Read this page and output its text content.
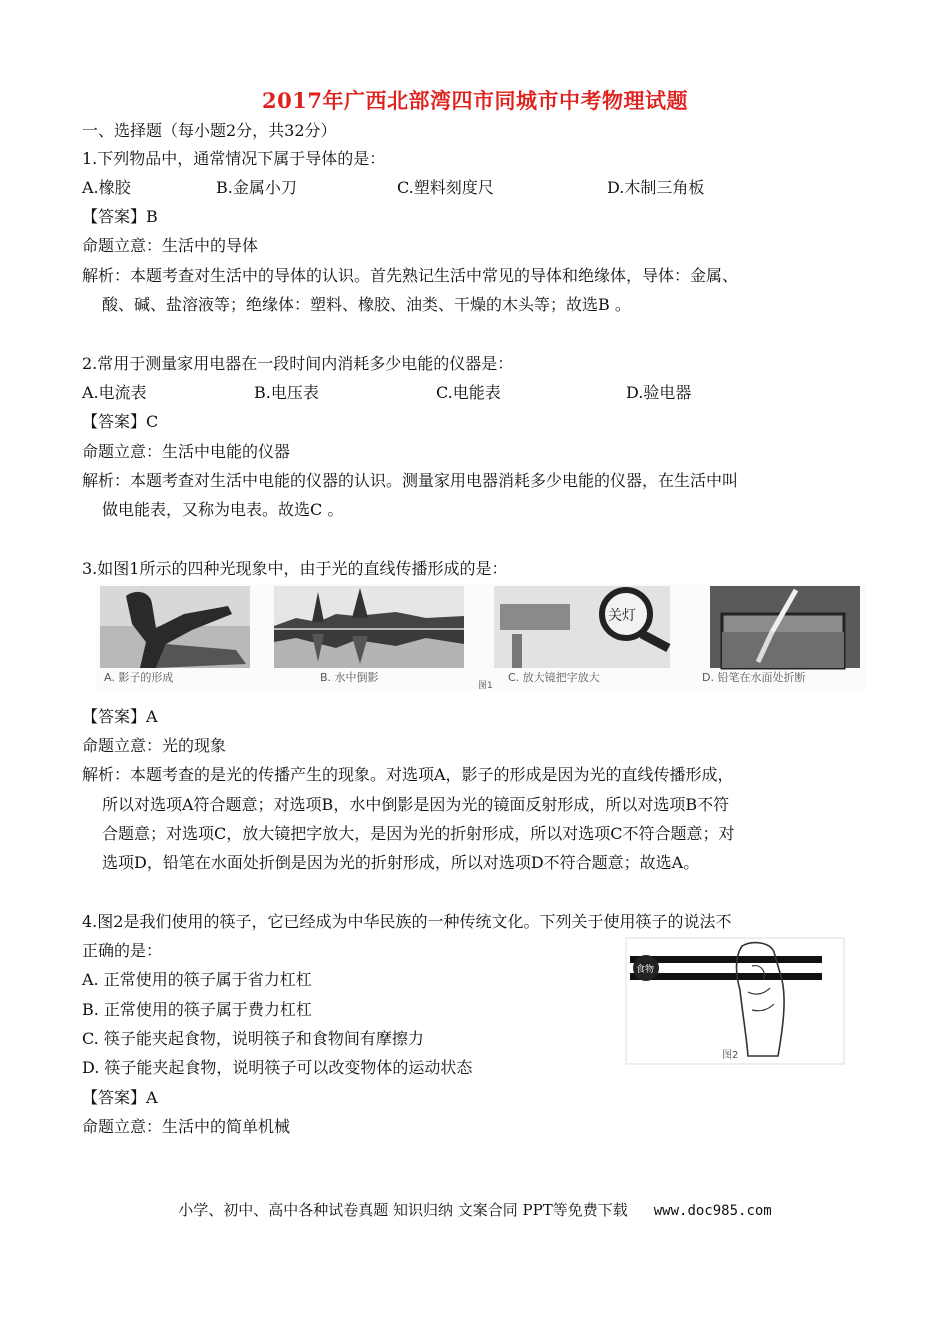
2017年广西北部湾四市同城市中考物理试题
一、选择题（每小题2分，共32分）
1.下列物品中，通常情况下属于导体的是：
A.橡胶	B.金属小刀	C.塑料刻度尺	D.木制三角板
【答案】B
命题立意：生活中的导体
解析：本题考查对生活中的导体的认识。首先熟记生活中常见的导体和绝缘体，导体：金属、
酸、碱、盐溶液等；绝缘体：塑料、橡胶、油类、干燥的木头等；故选B 。
2.常用于测量家用电器在一段时间内消耗多少电能的仪器是：
A.电流表	B.电压表	C.电能表	D.验电器
【答案】C
命题立意：生活中电能的仪器
解析：本题考查对生活中电能的仪器的认识。测量家用电器消耗多少电能的仪器，在生活中叫
做电能表，又称为电表。故选C 。
3.如图1所示的四种光现象中，由于光的直线传播形成的是：
关灯
A. 影子的形成	B. 水中倒影	C. 放大镜把字放大	D. 铅笔在水面处折断
图1
【答案】A
命题立意：光的现象
解析：本题考查的是光的传播产生的现象。对选项A，影子的形成是因为光的直线传播形成，
所以对选项A符合题意；对选项B，水中倒影是因为光的镜面反射形成，所以对选项B不符
合题意；对选项C，放大镜把字放大，是因为光的折射形成，所以对选项C不符合题意；对
选项D，铅笔在水面处折倒是因为光的折射形成，所以对选项D不符合题意；故选A。
4.图2是我们使用的筷子，它已经成为中华民族的一种传统文化。下列关于使用筷子的说法不
正确的是：
A. 正常使用的筷子属于省力杠杠
B. 正常使用的筷子属于费力杠杠
C. 筷子能夹起食物，说明筷子和食物间有摩擦力
D. 筷子能夹起食物，说明筷子可以改变物体的运动状态
食物
图2
【答案】A
命题立意：生活中的简单机械
小学、初中、高中各种试卷真题 知识归纳 文案合同 PPT等免费下载 www.doc985.com
